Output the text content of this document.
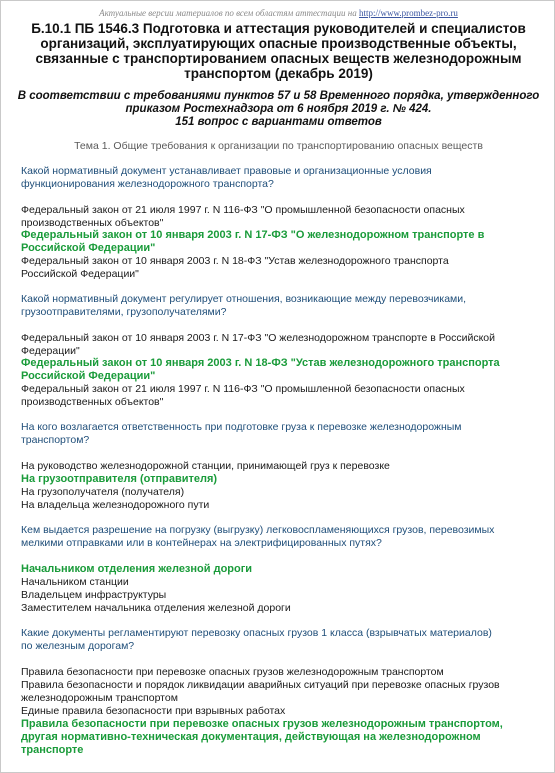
Актуальные версии материалов по всем областям аттестации на http://www.prombez-pro.ru
Б.10.1 ПБ 1546.3 Подготовка и аттестация руководителей и специалистов
организаций, эксплуатирующих опасные производственные объекты,
связанные с транспортированием опасных веществ железнодорожным
транспортом (декабрь 2019)
В соответствии с требованиями пунктов 57 и 58 Временного порядка, утвержденного
приказом Ростехнадзора от 6 ноября 2019 г. № 424.
151 вопрос с вариантами ответов
Тема 1. Общие требования к организации по транспортированию опасных веществ
Какой нормативный документ устанавливает правовые и организационные условия
функционирования железнодорожного транспорта?
Федеральный закон от 21 июля 1997 г. N 116-ФЗ "О промышленной безопасности опасных
производственных объектов"
Федеральный закон от 10 января 2003 г. N 17-ФЗ "О железнодорожном транспорте в
Российской Федерации"
Федеральный закон от 10 января 2003 г. N 18-ФЗ "Устав железнодорожного транспорта
Российской Федерации"
Какой нормативный документ регулирует отношения, возникающие между перевозчиками,
грузоотправителями, грузополучателями?
Федеральный закон от 10 января 2003 г. N 17-ФЗ "О железнодорожном транспорте в Российской
Федерации"
Федеральный закон от 10 января 2003 г. N 18-ФЗ "Устав железнодорожного транспорта
Российской Федерации"
Федеральный закон от 21 июля 1997 г. N 116-ФЗ "О промышленной безопасности опасных
производственных объектов"
На кого возлагается ответственность при подготовке груза к перевозке железнодорожным
транспортом?
На руководство железнодорожной станции, принимающей груз к перевозке
На грузоотправителя (отправителя)
На грузополучателя (получателя)
На владельца железнодорожного пути
Кем выдается разрешение на погрузку (выгрузку) легковоспламеняющихся грузов, перевозимых
мелкими отправками или в контейнерах на электрифицированных путях?
Начальником отделения железной дороги
Начальником станции
Владельцем инфраструктуры
Заместителем начальника отделения железной дороги
Какие документы регламентируют перевозку опасных грузов 1 класса (взрывчатых материалов)
по железным дорогам?
Правила безопасности при перевозке опасных грузов железнодорожным транспортом
Правила безопасности и порядок ликвидации аварийных ситуаций при перевозке опасных грузов
железнодорожным транспортом
Единые правила безопасности при взрывных работах
Правила безопасности при перевозке опасных грузов железнодорожным транспортом,
другая нормативно-техническая документация, действующая на железнодорожном
транспорте
